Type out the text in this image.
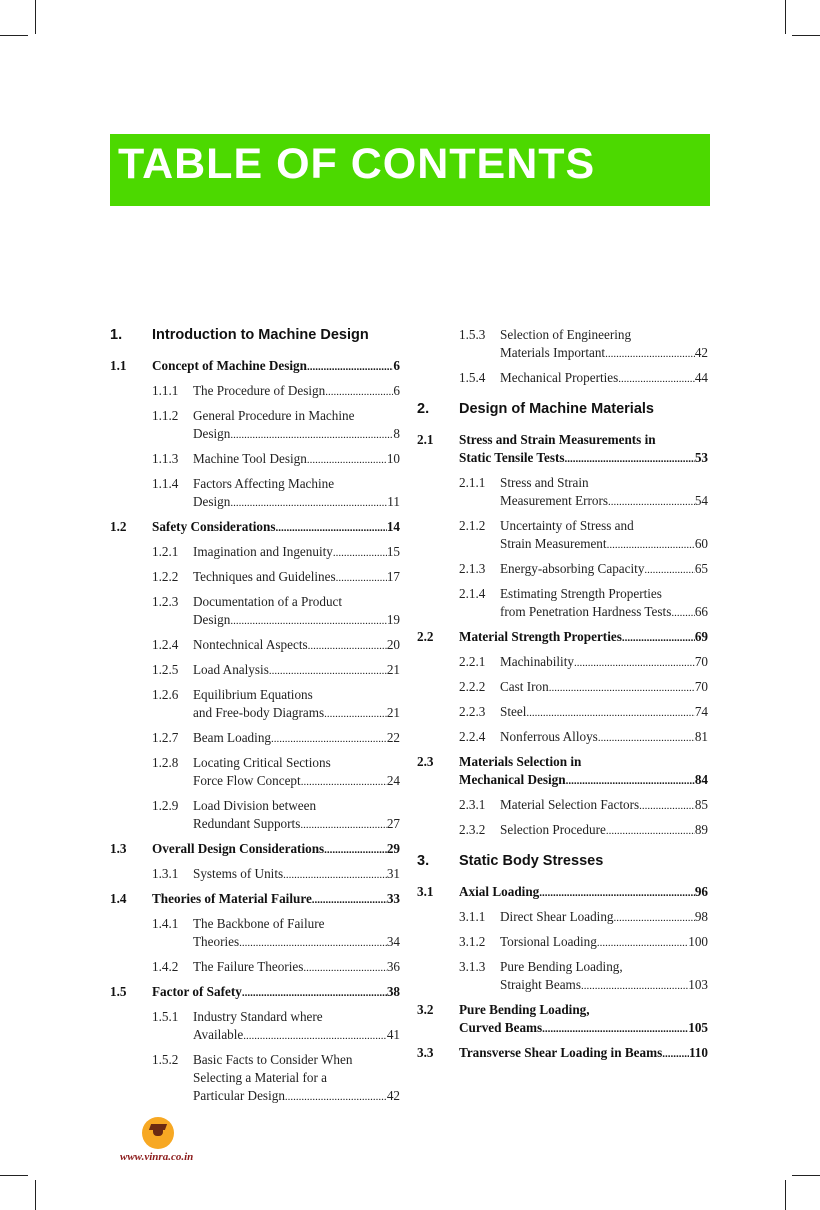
TABLE OF CONTENTS
1. Introduction to Machine Design
1.1 Concept of Machine Design .....	6
1.1.1 The Procedure of Design .....	6
1.1.2 General Procedure in Machine
Design .....	8
1.1.3 Machine Tool Design .....	10
1.1.4 Factors Affecting Machine
Design .....	11
1.2 Safety Considerations .....	14
1.2.1 Imagination and Ingenuity .....	15
1.2.2 Techniques and Guidelines .....	17
1.2.3 Documentation of a Product
Design .....	19
1.2.4 Nontechnical Aspects .....	20
1.2.5 Load Analysis .....	21
1.2.6 Equilibrium Equations
and Free-body Diagrams .....	21
1.2.7 Beam Loading .....	22
1.2.8 Locating Critical Sections
Force Flow Concept .....	24
1.2.9 Load Division between
Redundant Supports .....	27
1.3 Overall Design Considerations .....	29
1.3.1 Systems of Units .....	31
1.4 Theories of Material Failure .....	33
1.4.1 The Backbone of Failure
Theories .....	34
1.4.2 The Failure Theories .....	36
1.5 Factor of Safety .....	38
1.5.1 Industry Standard where
Available .....	41
1.5.2 Basic Facts to Consider When
Selecting a Material for a
Particular Design .....	42
1.5.3 Selection of Engineering
Materials Important .....	42
1.5.4 Mechanical Properties .....	44
2. Design of Machine Materials
2.1 Stress and Strain Measurements in
Static Tensile Tests .....	53
2.1.1 Stress and Strain
Measurement Errors .....	54
2.1.2 Uncertainty of Stress and
Strain Measurement .....	60
2.1.3 Energy-absorbing Capacity .....	65
2.1.4 Estimating Strength Properties
from Penetration Hardness Tests ..... 66
2.2 Material Strength Properties .....	69
2.2.1 Machinability .....	70
2.2.2 Cast Iron .....	70
2.2.3 Steel .....	74
2.2.4 Nonferrous Alloys .....	81
2.3 Materials Selection in
Mechanical Design .....	84
2.3.1 Material Selection Factors .....	85
2.3.2 Selection Procedure .....	89
3. Static Body Stresses
3.1 Axial Loading .....	96
3.1.1 Direct Shear Loading .....	98
3.1.2 Torsional Loading .....	100
3.1.3 Pure Bending Loading,
Straight Beams .....	103
3.2 Pure Bending Loading,
Curved Beams .....	105
3.3 Transverse Shear Loading in Beams ..... 110
www.vinra.co.in
